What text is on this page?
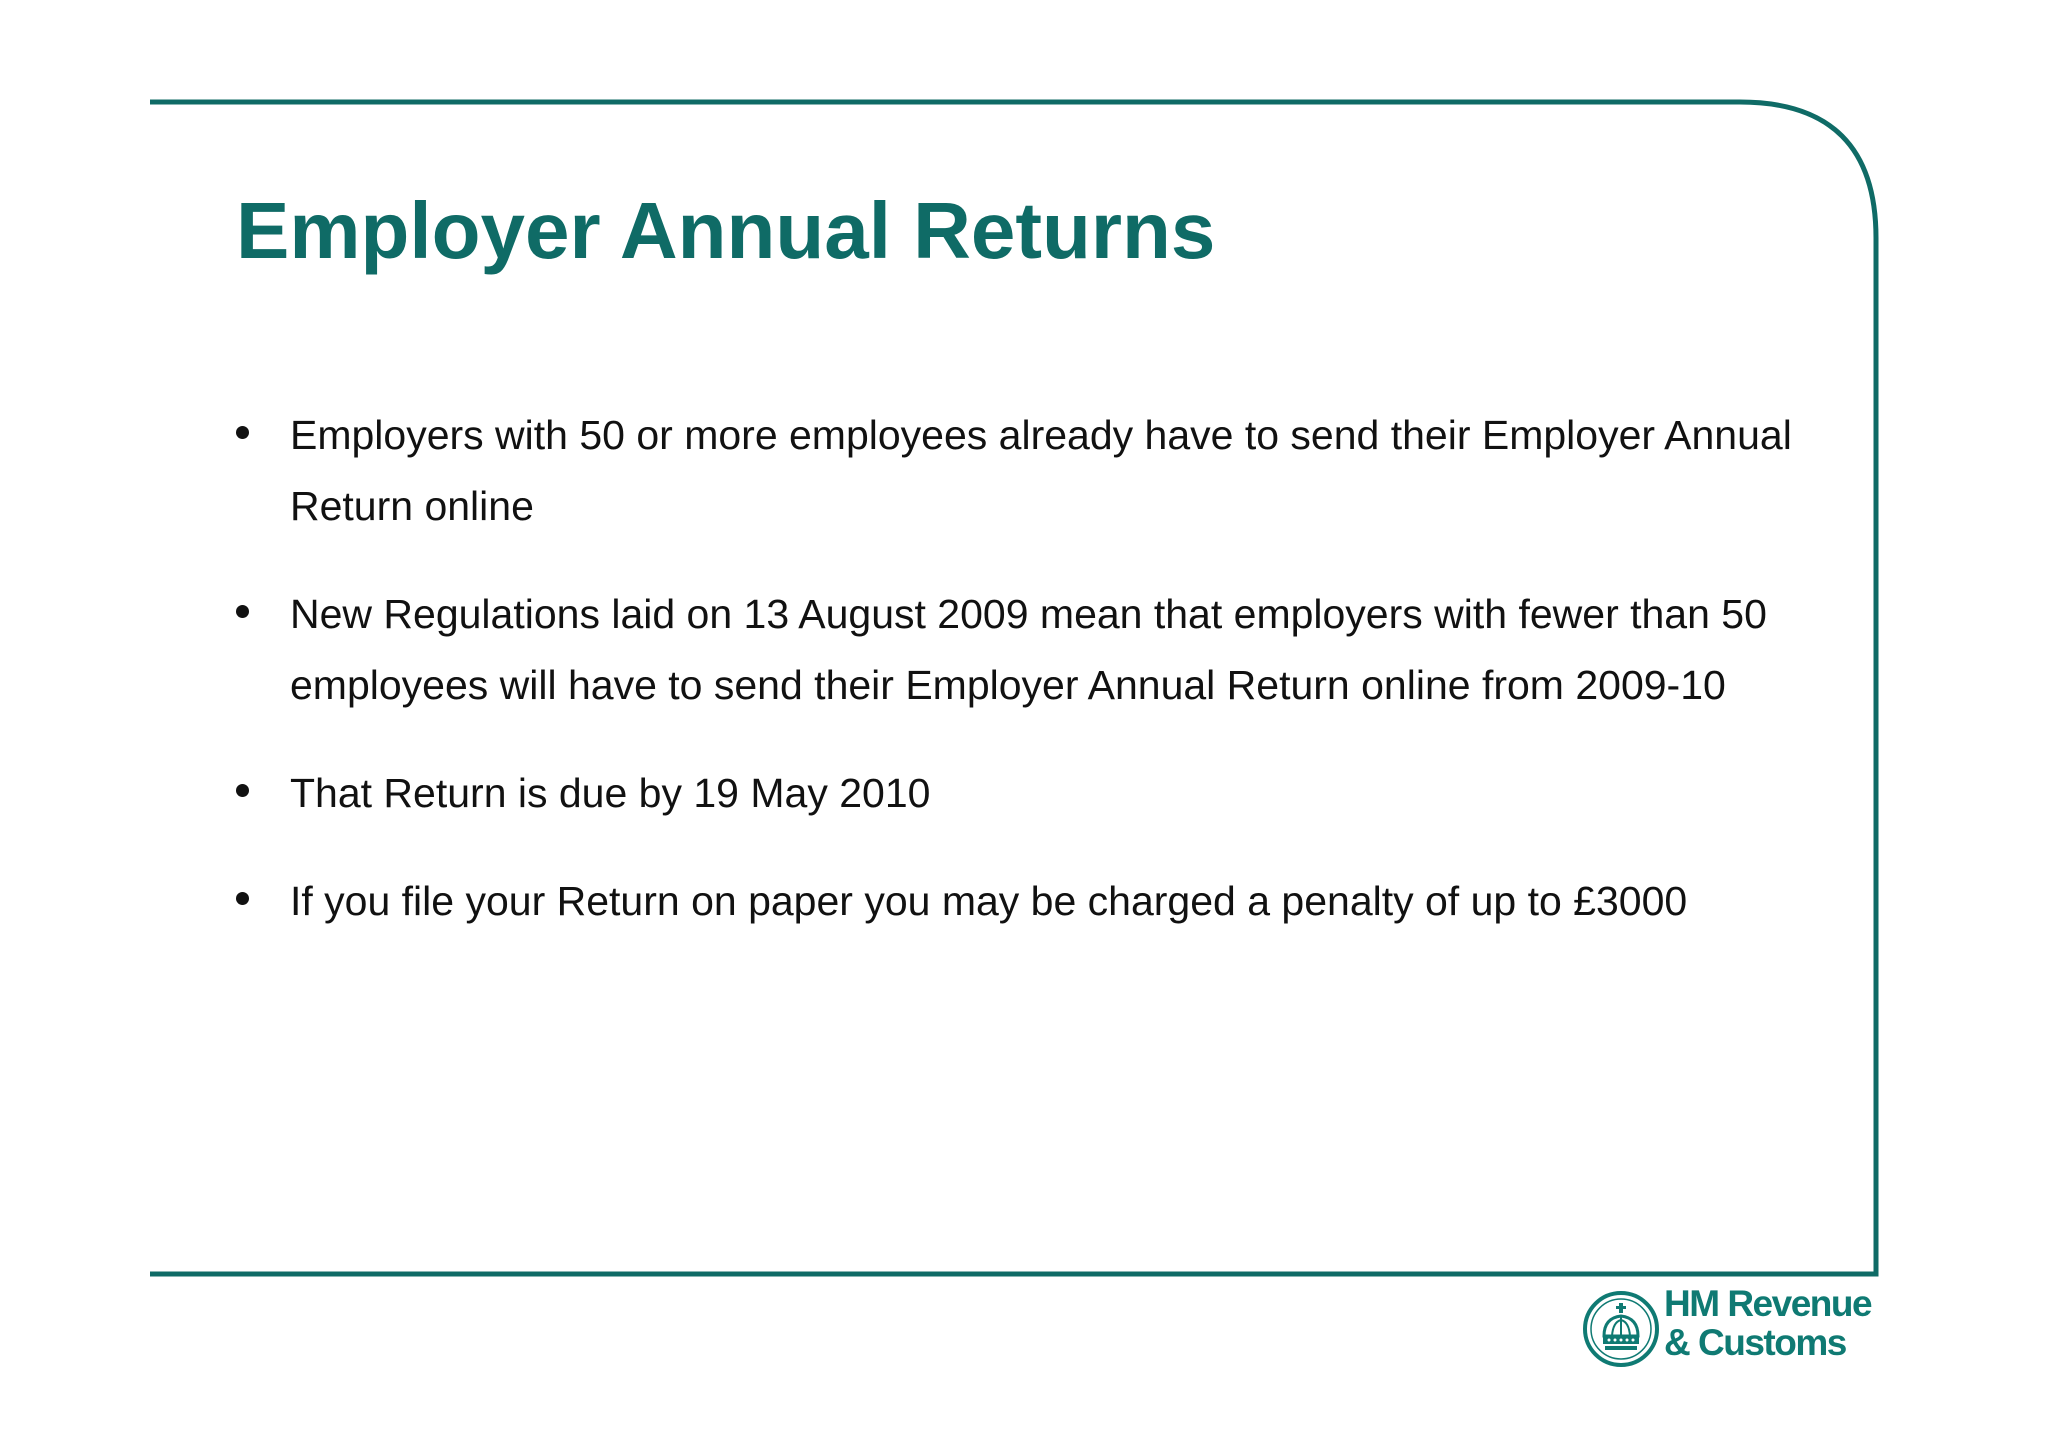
Employer Annual Returns
Employers with 50 or more employees already have to send their Employer Annual Return online
New Regulations laid on 13 August 2009 mean that employers with fewer than 50 employees will have to send their Employer Annual Return online from 2009-10
That Return is due by 19 May 2010
If you file your Return on paper you may be charged a penalty of up to £3000
HM Revenue
& Customs
